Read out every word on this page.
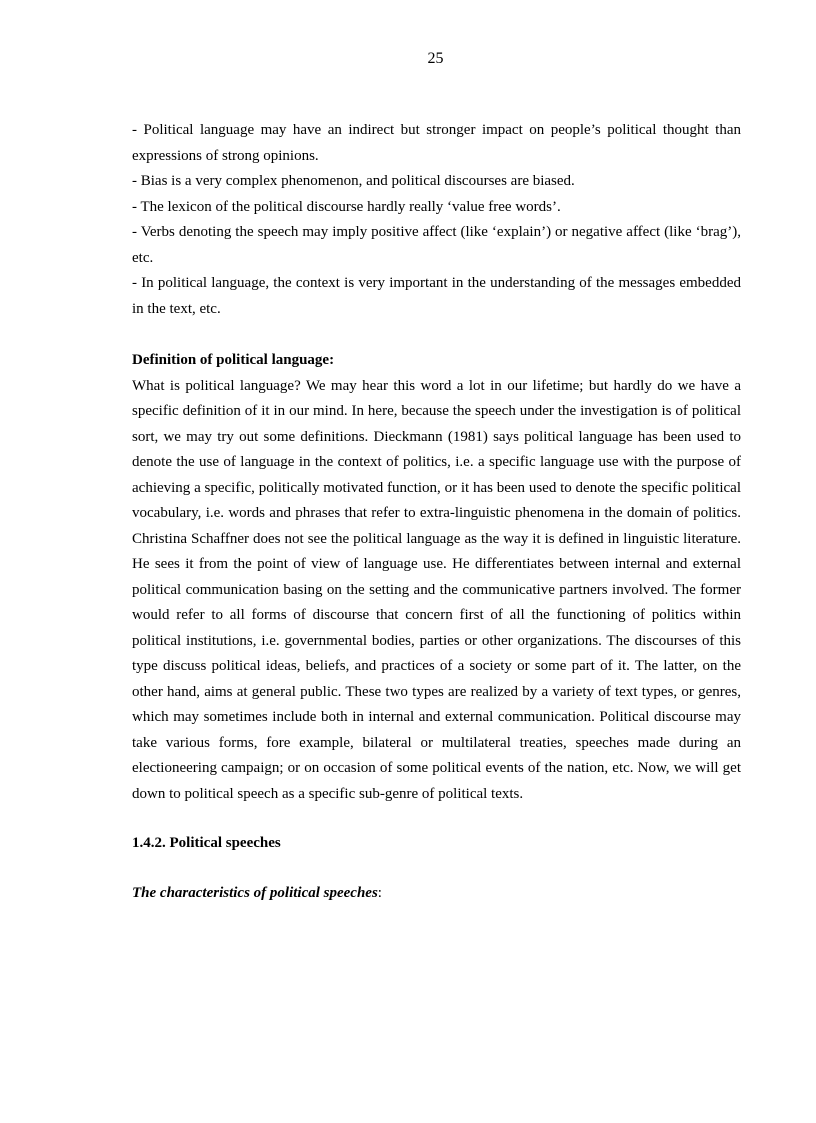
25

- Political language may have an indirect but stronger impact on people’s political thought than expressions of strong opinions.

- Bias is a very complex phenomenon, and political discourses are biased.

- The lexicon of the political discourse hardly really ‘value free words’.

- Verbs denoting the speech may imply positive affect (like ‘explain’) or negative affect (like ‘brag’), etc.

- In political language, the context is very important in the understanding of the messages embedded in the text, etc.

Definition of political language:

What is political language? We may hear this word a lot in our lifetime; but hardly do we have a specific definition of it in our mind. In here, because the speech under the investigation is of political sort, we may try out some definitions. Dieckmann (1981) says political language has been used to denote the use of language in the context of politics, i.e. a specific language use with the purpose of achieving a specific, politically motivated function, or it has been used to denote the specific political vocabulary, i.e. words and phrases that refer to extra-linguistic phenomena in the domain of politics. Christina Schaffner does not see the political language as the way it is defined in linguistic literature. He sees it from the point of view of language use. He differentiates between internal and external political communication basing on the setting and the communicative partners involved. The former would refer to all forms of discourse that concern first of all the functioning of politics within political institutions, i.e. governmental bodies, parties or other organizations. The discourses of this type discuss political ideas, beliefs, and practices of a society or some part of it. The latter, on the other hand, aims at general public. These two types are realized by a variety of text types, or genres, which may sometimes include both in internal and external communication. Political discourse may take various forms, fore example, bilateral or multilateral treaties, speeches made during an electioneering campaign; or on occasion of some political events of the nation, etc. Now, we will get down to political speech as a specific sub-genre of political texts.

1.4.2. Political speeches

The characteristics of political speeches:
